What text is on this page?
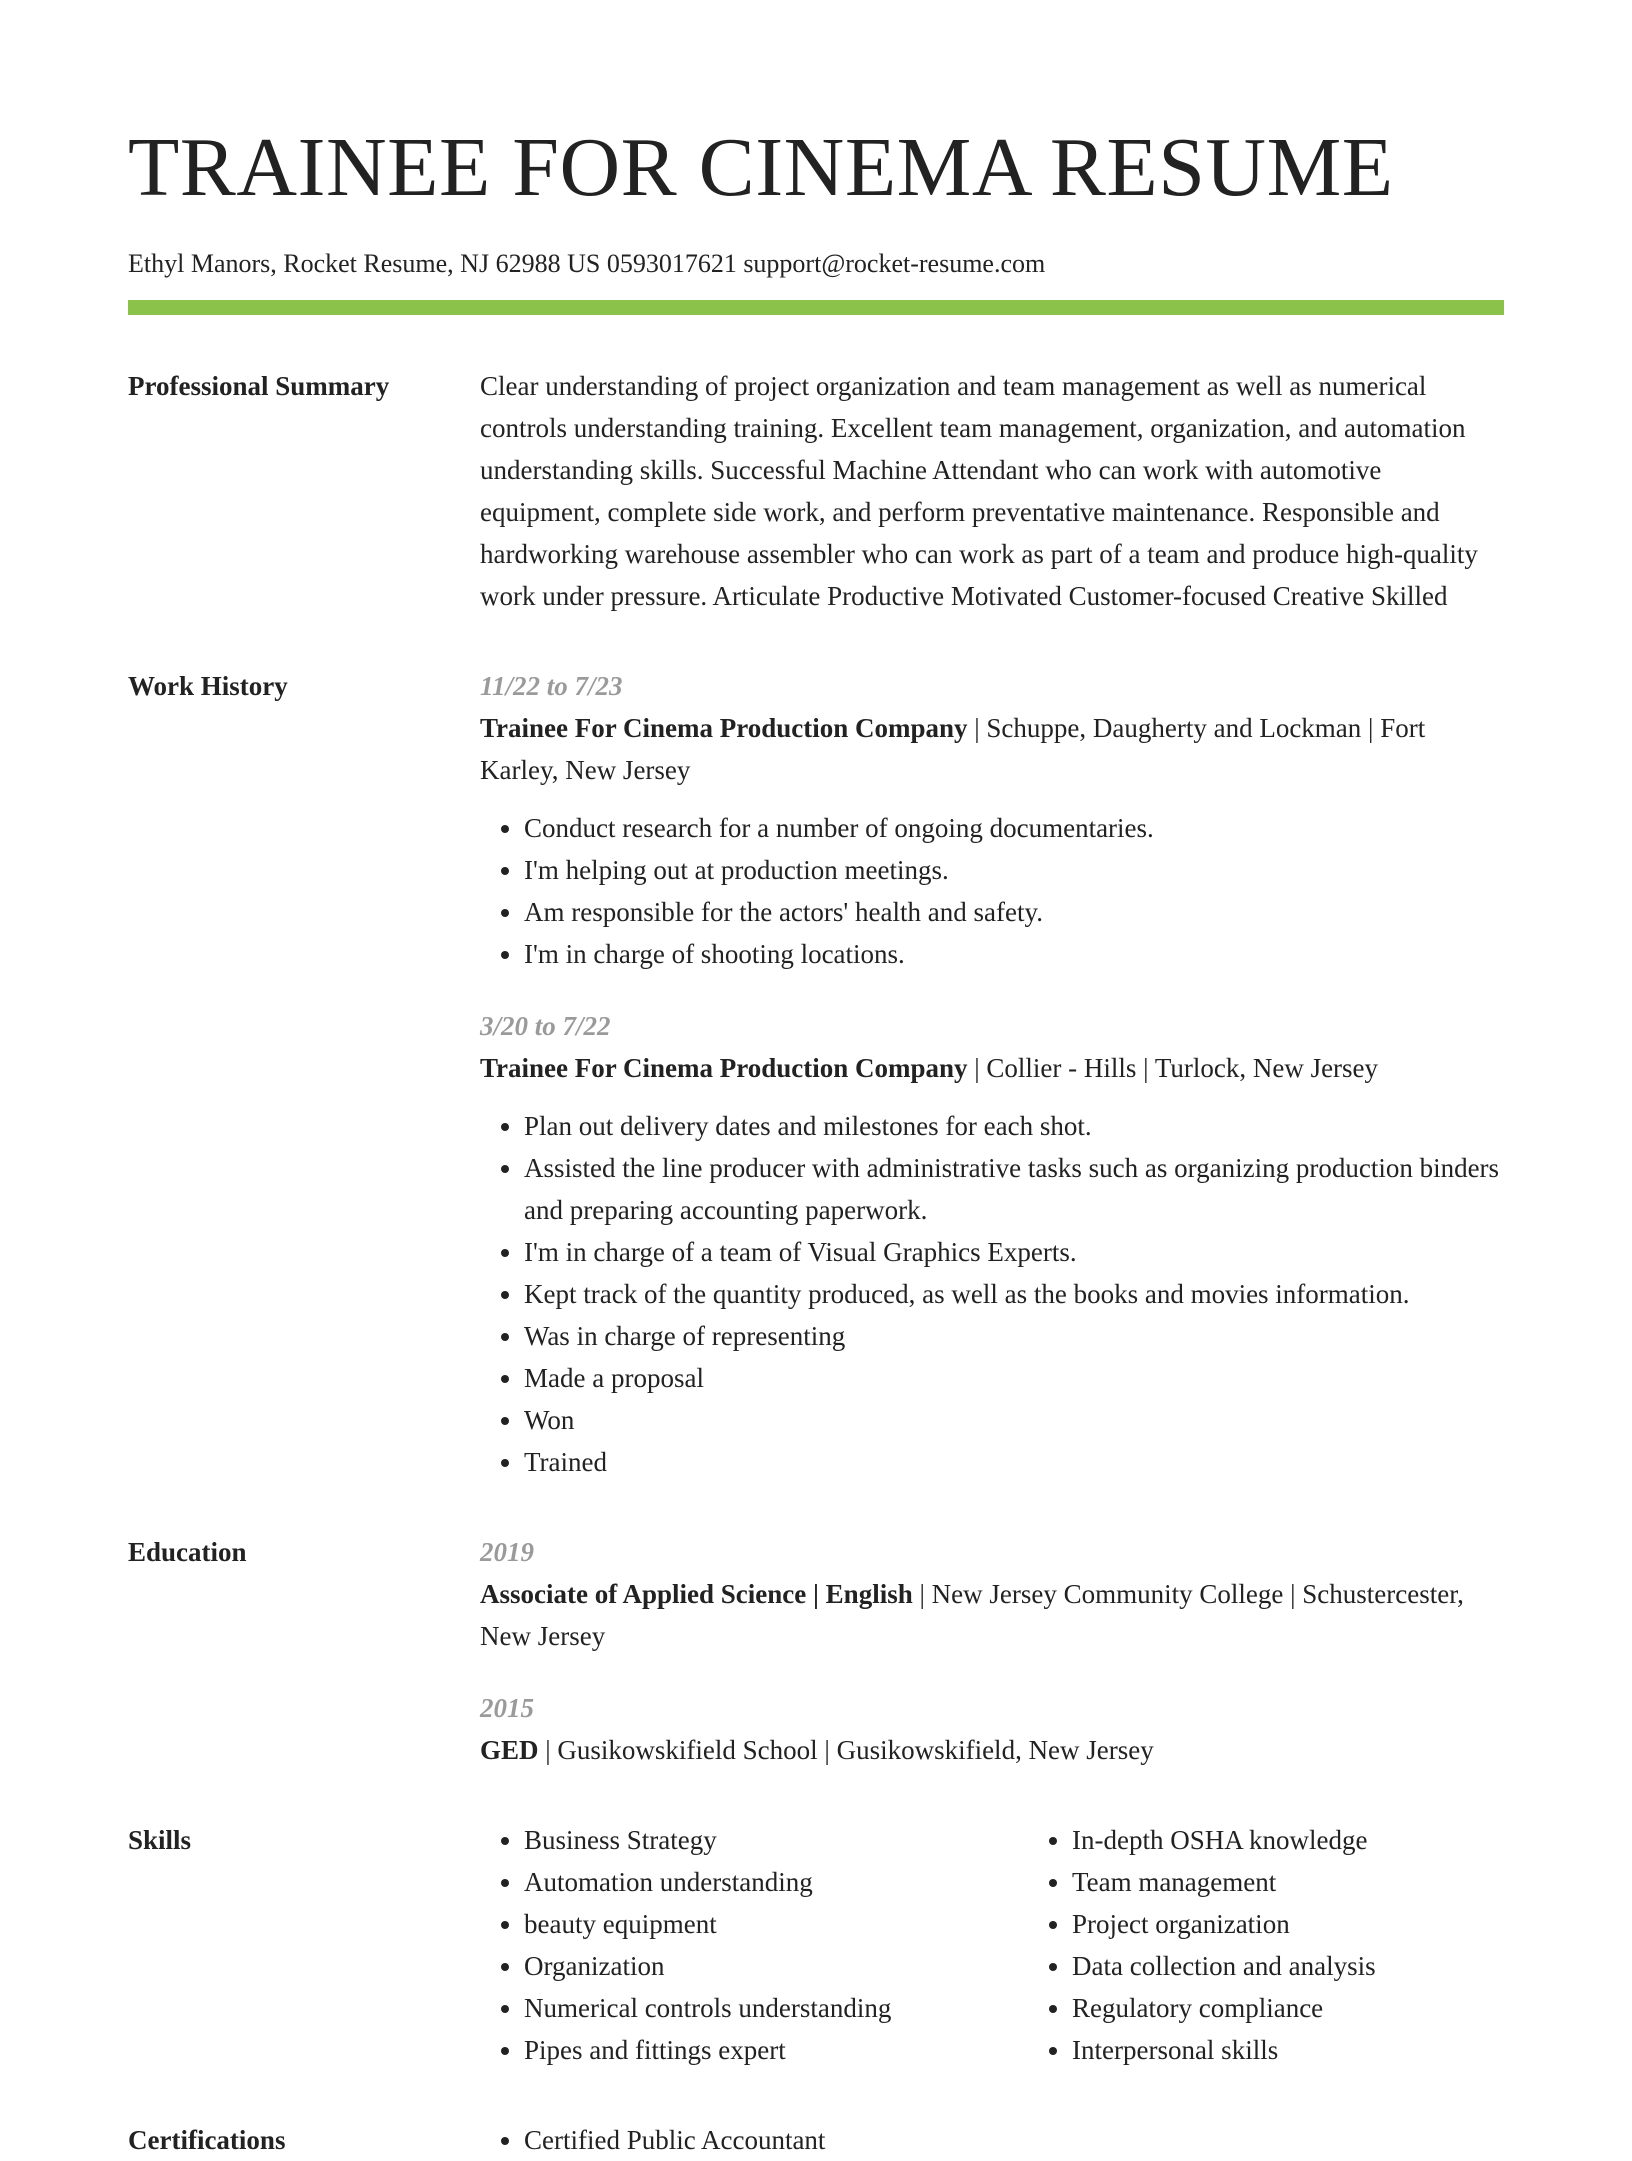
TRAINEE FOR CINEMA RESUME
Ethyl Manors, Rocket Resume, NJ 62988 US 0593017621 support@rocket-resume.com
Professional Summary	Clear understanding of project organization and team management as well as numerical controls understanding training. Excellent team management, organization, and automation understanding skills. Successful Machine Attendant who can work with automotive equipment, complete side work, and perform preventative maintenance. Responsible and hardworking warehouse assembler who can work as part of a team and produce high-quality work under pressure. Articulate Productive Motivated Customer-focused Creative Skilled

Work History	11/22 to 7/23
Trainee For Cinema Production Company | Schuppe, Daugherty and Lockman | Fort Karley, New Jersey
• Conduct research for a number of ongoing documentaries.
• I'm helping out at production meetings.
• Am responsible for the actors' health and safety.
• I'm in charge of shooting locations.
3/20 to 7/22
Trainee For Cinema Production Company | Collier - Hills | Turlock, New Jersey
• Plan out delivery dates and milestones for each shot.
• Assisted the line producer with administrative tasks such as organizing production binders and preparing accounting paperwork.
• I'm in charge of a team of Visual Graphics Experts.
• Kept track of the quantity produced, as well as the books and movies information.
• Was in charge of representing
• Made a proposal
• Won
• Trained
Education	2019
Associate of Applied Science | English | New Jersey Community College | Schustercester, New Jersey
2015
GED | Gusikowskifield School | Gusikowskifield, New Jersey
Skills	• Business Strategy
• Automation understanding
• beauty equipment
• Organization
• Numerical controls understanding
• Pipes and fittings expert
• In-depth OSHA knowledge
• Team management
• Project organization
• Data collection and analysis
• Regulatory compliance
• Interpersonal skills
Certifications	• Certified Public Accountant
